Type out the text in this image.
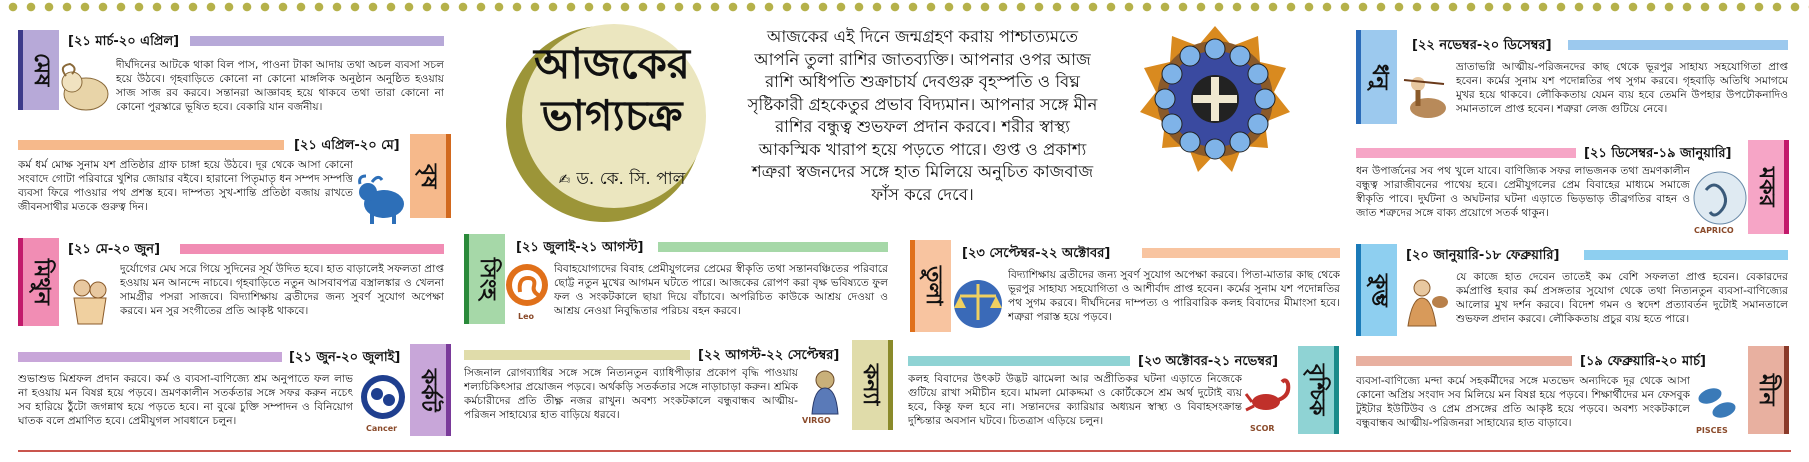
আজকের
ভাগ্যচক্র
✍ ড. কে. সি. পাল
আজকের এই দিনে জন্মগ্রহণ করায় পাশ্চাত্যমতে আপনি তুলা রাশির জাতব্যক্তি। আপনার ওপর আজ রাশি অধিপতি শুক্রাচার্য দেবগুরু বৃহস্পতি ও বিঘ্ন সৃষ্টিকারী গ্রহকেতুর প্রভাব বিদ্যমান। আপনার সঙ্গে মীন রাশির বন্ধুত্ব শুভফল প্রদান করবে। শরীর স্বাস্থ্য আকস্মিক খারাপ হয়ে পড়তে পারে। গুপ্ত ও প্রকাশ্য শত্রুরা স্বজনদের সঙ্গে হাত মিলিয়ে অনুচিত কাজবাজ ফাঁস করে দেবে।
[২১ মার্চ-২০ এপ্রিল]
মেষ	দীর্ঘদিনের আটকে থাকা বিল পাস, পাওনা টাকা আদায় তথা অচল ব্যবসা সচল হয়ে উঠবে। গৃহবাড়িতে কোনো না কোনো মাঙ্গলিক অনুষ্ঠান অনুষ্ঠিত হওয়ায় সাজ সাজ রব করবে। সন্তানরা আজ্ঞাবহ হয়ে থাকবে তথা তারা কোনো না কোনো পুরস্কারে ভূষিত হবে। বেকারি যান বর্জনীয়।
[২১ এপ্রিল-২০ মে]
বৃষ
কর্ম ধর্ম মোক্ষ সুনাম যশ প্রতিষ্ঠার গ্রাফ চাঙ্গা হয়ে উঠবে। দূর থেকে আসা কোনো সংবাদে গোটা পরিবারে খুশির জোয়ার বইবে। হারানো পিতৃমাতৃ ধন সম্পদ সম্পত্তি ব্যবসা ফিরে পাওয়ার পথ প্রশস্ত হবে। দাম্পত্য সুখ-শান্তি প্রতিষ্ঠা বজায় রাখতে জীবনসাথীর মতকে গুরুত্ব দিন।
[২১ মে-২০ জুন]
মিথুন	দুর্যোগের মেঘ সরে গিয়ে সুদিনের সূর্য উদিত হবে। হাত বাড়ালেই সফলতা প্রাপ্ত হওয়ায় মন আনন্দে নাচবে। গৃহবাড়িতে নতুন আসবাবপত্র বস্ত্রালঙ্কার ও খেলনা সামগ্রীর পসরা সাজবে। বিদ্যাশিক্ষায় ব্রতীদের জন্য সুবর্ণ সুযোগ অপেক্ষা করবে। মন সুর সংগীতের প্রতি আকৃষ্ট থাকবে।
[২১ জুন-২০ জুলাই]
কর্কট
শুভাশুভ মিশ্রফল প্রদান করবে। কর্ম ও ব্যবসা-বাণিজ্যে শ্রম অনুপাতে ফল লাভ না হওয়ায় মন বিষণ্ণ হয়ে পড়বে। ভ্রমণকালীন সতর্কতার সঙ্গে সফর করুন নচেৎ সব হারিয়ে ঠুঁটো জগন্নাথ হয়ে পড়তে হবে। না বুঝে চুক্তি সম্পাদন ও বিনিয়োগ ঘাতক বলে প্রমাণিত হবে। প্রেমীযুগল সাবধানে চলুন।
Cancer
[২১ জুলাই-২১ আগস্ট]
সিংহ
Leo
বিবাহযোগ্যদের বিবাহ প্রেমীযুগলের প্রেমের স্বীকৃতি তথা সন্তানবঞ্চিতের পরিবারে ছোট্ট নতুন মুখের আগমন ঘটতে পারে। আজকের রোপণ করা বৃক্ষ ভবিষ্যতে ফুল ফল ও সংকটকালে ছায়া দিয়ে বাঁচাবে। অপরিচিত কাউকে আশ্রয় দেওয়া ও আশ্রয় নেওয়া নিবুদ্ধিতার পরিচয় বহন করবে।
[২২ আগস্ট-২২ সেপ্টেম্বর]
কন্যা
সিজনাল রোগব্যাধির সঙ্গে সঙ্গে নিত্যনতুন ব্যাধিপীড়ার প্রকোপ বৃদ্ধি পাওয়ায় শল্যচিকিৎসার প্রয়োজন পড়বে। অর্থকড়ি সতর্কতার সঙ্গে নাড়াচাড়া করুন। শ্রমিক কর্মচারীদের প্রতি তীক্ষ্ণ নজর রাখুন। অবশ্য সংকটকালে বন্ধুবান্ধব আত্মীয়-পরিজন সাহায্যের হাত বাড়িয়ে ধরবে।	VIRGO
[২৩ সেপ্টেম্বর-২২ অক্টোবর]
তুলা	বিদ্যাশিক্ষায় ব্রতীদের জন্য সুবর্ণ সুযোগ অপেক্ষা করবে। পিতা-মাতার কাছ থেকে ভূরপুর সাহায্য সহযোগিতা ও আশীর্বাদ প্রাপ্ত হবেন। কর্মের সুনাম যশ পদোন্নতির পথ সুগম করবে। দীর্ঘদিনের দাম্পত্য ও পারিবারিক কলহ বিবাদের মীমাংসা হবে। শত্রুরা পরাস্ত হয়ে পড়বে।
[২৩ অক্টোবর-২১ নভেম্বর]
বৃশ্চিক
কলহ বিবাদের উৎকট উদ্ভট ঝামেলা আর অপ্রীতিকর ঘটনা এড়াতে নিজেকে গুটিয়ে রাখা সমীচীন হবে। মামলা মোকদ্দমা ও কোর্টকেসে শ্রম অর্থ দুটোই ব্যয় হবে, কিন্তু ফল হবে না। সন্তানদের ক্যারিয়ার অধ্যয়ন স্বাস্থ্য ও বিবাহসংক্রান্ত দুশ্চিন্তার অবসান ঘটবে। চিতত্রাস এড়িয়ে চলুন।
SCOR
[২২ নভেম্বর-২০ ডিসেম্বর]
ধনু	ভ্রাতাভগ্নি আত্মীয়-পরিজনদের কাছ থেকে ভূরপুর সাহায্য সহযোগিতা প্রাপ্ত হবেন। কর্মের সুনাম যশ পদোন্নতির পথ সুগম করবে। গৃহবাড়ি অতিথি সমাগমে মুখর হয়ে থাকবে। লৌকিকতায় যেমন ব্যয় হবে তেমনি উপহার উপঢৌকনাদিও সমানতালে প্রাপ্ত হবেন। শত্রুরা লেজ গুটিয়ে নেবে।
[২১ ডিসেম্বর-১৯ জানুয়ারি]
মকর
ধন উপার্জনের সব পথ খুলে যাবে। বাণিজ্যিক সফর লাভজনক তথা ভ্রমণকালীন বন্ধুত্ব সারাজীবনের পাথেয় হবে। প্রেমীযুগলের প্রেম বিবাহের মাধ্যমে সমাজে স্বীকৃতি পাবে। দুর্ঘটনা ও অঘটনার ঘটনা এড়াতে ভিড়ভাড় তীব্রগতির বাহন ও জাত শত্রুদের সঙ্গে বাক্য প্রয়োগে সতর্ক থাকুন।
CAPRICO
[২০ জানুয়ারি-১৮ ফেব্রুয়ারি]
কুম্ভ	যে কাজে হাত দেবেন তাতেই কম বেশি সফলতা প্রাপ্ত হবেন। বেকারদের কর্মপ্রাপ্তি হবার কর্ম প্রসঙ্গতার সুযোগ থেকে তথা নিত্যনতুন ব্যবসা-বাণিজ্যের আলোর মুখ দর্শন করবে। বিদেশ গমন ও স্বদেশ প্রত্যাবর্তন দুটোই সমানতালে শুভফল প্রদান করবে। লৌকিকতায় প্রচুর ব্যয় হতে পারে।
[১৯ ফেব্রুয়ারি-২০ মার্চ]
মীন
ব্যবসা-বাণিজ্যে মন্দা কর্মে সহকর্মীদের সঙ্গে মতভেদ অন্যদিকে দূর থেকে আসা কোনো অপ্রিয় সংবাদ সব মিলিয়ে মন বিষণ্ণ হয়ে পড়বে। শিক্ষার্থীদের মন ফেসবুক টুইটার ইউটিউব ও প্রেম প্রসঙ্গের প্রতি আকৃষ্ট হয়ে পড়বে। অবশ্য সংকটকালে বন্ধুবান্ধব আত্মীয়-পরিজনরা সাহায্যের হাত বাড়াবে।
PISCES
